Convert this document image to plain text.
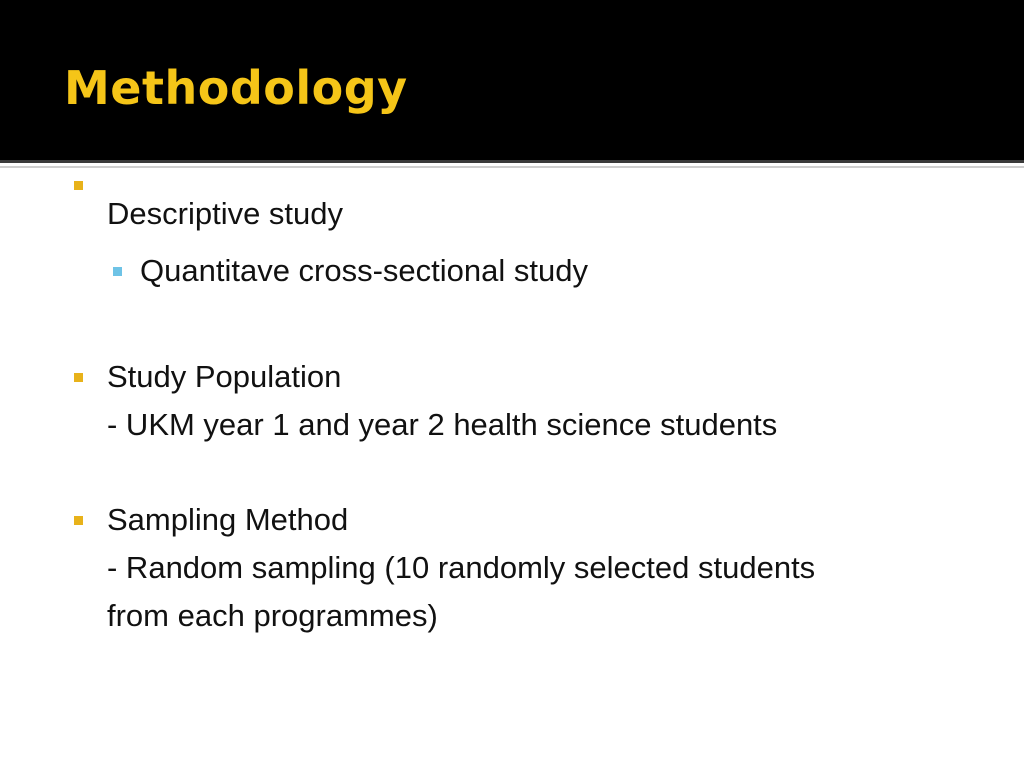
Methodology
Descriptive study
Quantitave cross-sectional study
Study Population
- UKM year 1 and year 2 health science students
Sampling Method
- Random sampling (10 randomly selected students
from each programmes)
